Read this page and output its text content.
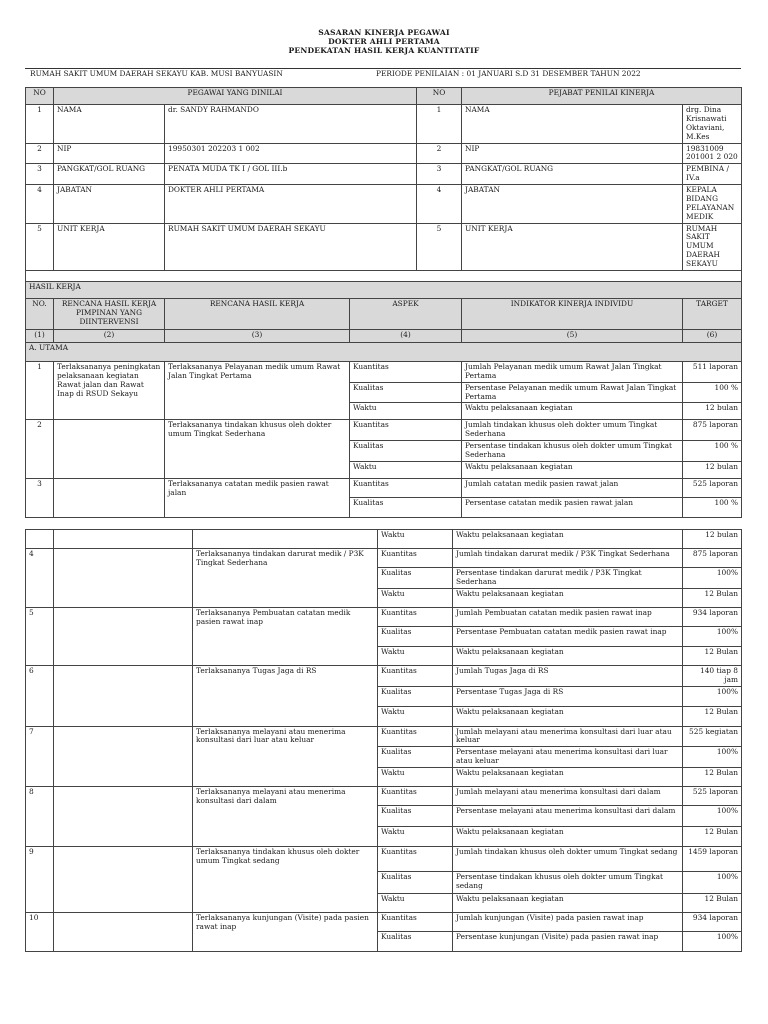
SASARAN KINERJA PEGAWAI
DOKTER AHLI PERTAMA
PENDEKATAN HASIL KERJA KUANTITATIF
RUMAH SAKIT UMUM DAERAH SEKAYU KAB. MUSI BANYUASIN	PERIODE PENILAIAN : 01 JANUARI S.D 31 DESEMBER TAHUN 2022
NO	PEGAWAI YANG DINILAI			NO	PEJABAT PENILAI KINERJA	
1	NAMA	dr. SANDY RAHMANDO		1	NAMA	drg. Dina Krisnawati Oktaviani, M.Kes
2	NIP	19950301 202203 1 002		2	NIP	19831009 201001 2 020
3	PANGKAT/GOL RUANG	PENATA MUDA TK I / GOL III.b		3	PANGKAT/GOL RUANG	PEMBINA / IV.a
4	JABATAN	DOKTER AHLI PERTAMA		4	JABATAN	KEPALA BIDANG PELAYANAN MEDIK
5	UNIT KERJA	RUMAH SAKIT UMUM DAERAH SEKAYU		5	UNIT KERJA	RUMAH SAKIT UMUM DAERAH SEKAYU

HASIL KERJA						
NO.	RENCANA HASIL KERJA PIMPINAN YANG DIINTERVENSI	RENCANA HASIL KERJA	ASPEK		INDIKATOR KINERJA INDIVIDU	TARGET
(1)	(2)	(3)	(4)		(5)	(6)
A. UTAMA						
1	Terlaksananya peningkatan pelaksanaan kegiatan Rawat jalan dan Rawat Inap di RSUD Sekayu	Terlaksananya Pelayanan medik umum Rawat Jalan Tingkat Pertama	Kuantitas		Jumlah Pelayanan medik umum Rawat Jalan Tingkat Pertama	511 laporan
			Kualitas		Persentase Pelayanan medik umum Rawat Jalan Tingkat Pertama	100 %
			Waktu		Waktu pelaksanaan kegiatan	12 bulan
2		Terlaksananya tindakan khusus oleh dokter umum Tingkat Sederhana	Kuantitas		Jumlah tindakan khusus oleh dokter umum Tingkat Sederhana	875 laporan
			Kualitas		Persentase tindakan khusus oleh dokter umum Tingkat Sederhana	100 %
			Waktu		Waktu pelaksanaan kegiatan	12 bulan
3		Terlaksananya catatan medik pasien rawat jalan	Kuantitas		Jumlah catatan medik pasien rawat jalan	525 laporan
			Kualitas		Persentase catatan medik pasien rawat jalan	100 %
			Waktu	Waktu pelaksanaan kegiatan	12 bulan
4		Terlaksananya tindakan darurat medik / P3K Tingkat Sederhana	Kuantitas	Jumlah tindakan darurat medik / P3K Tingkat Sederhana	875 laporan
			Kualitas	Persentase tindakan darurat medik / P3K Tingkat Sederhana	100%
			Waktu	Waktu pelaksanaan kegiatan	12 Bulan
5		Terlaksananya Pembuatan catatan medik pasien rawat inap	Kuantitas	Jumlah Pembuatan catatan medik pasien rawat inap	934 laporan
			Kualitas	Persentase Pembuatan catatan medik pasien rawat inap	100%
			Waktu	Waktu pelaksanaan kegiatan	12 Bulan
6		Terlaksananya Tugas Jaga di RS	Kuantitas	Jumlah Tugas Jaga di RS	140 tiap 8 jam
			Kualitas	Persentase Tugas Jaga di RS	100%
			Waktu	Waktu pelaksanaan kegiatan	12 Bulan
7		Terlaksananya melayani atau menerima konsultasi dari luar atau keluar	Kuantitas	Jumlah melayani atau menerima konsultasi dari luar atau keluar	525 kegiatan
			Kualitas	Persentase melayani atau menerima konsultasi dari luar atau keluar	100%
			Waktu	Waktu pelaksanaan kegiatan	12 Bulan
8		Terlaksananya melayani atau menerima konsultasi dari dalam	Kuantitas	Jumlah melayani atau menerima konsultasi dari dalam	525 laporan
			Kualitas	Persentase melayani atau menerima konsultasi dari dalam	100%
			Waktu	Waktu pelaksanaan kegiatan	12 Bulan
9		Terlaksananya tindakan khusus oleh dokter umum Tingkat sedang	Kuantitas	Jumlah tindakan khusus oleh dokter umum Tingkat sedang	1459 laporan
			Kualitas	Persentase tindakan khusus oleh dokter umum Tingkat sedang	100%
			Waktu	Waktu pelaksanaan kegiatan	12 Bulan
10		Terlaksananya kunjungan (Visite) pada pasien rawat inap	Kuantitas	Jumlah kunjungan (Visite) pada pasien rawat inap	934 laporan
			Kualitas	Persentase kunjungan (Visite) pada pasien rawat inap	100%
